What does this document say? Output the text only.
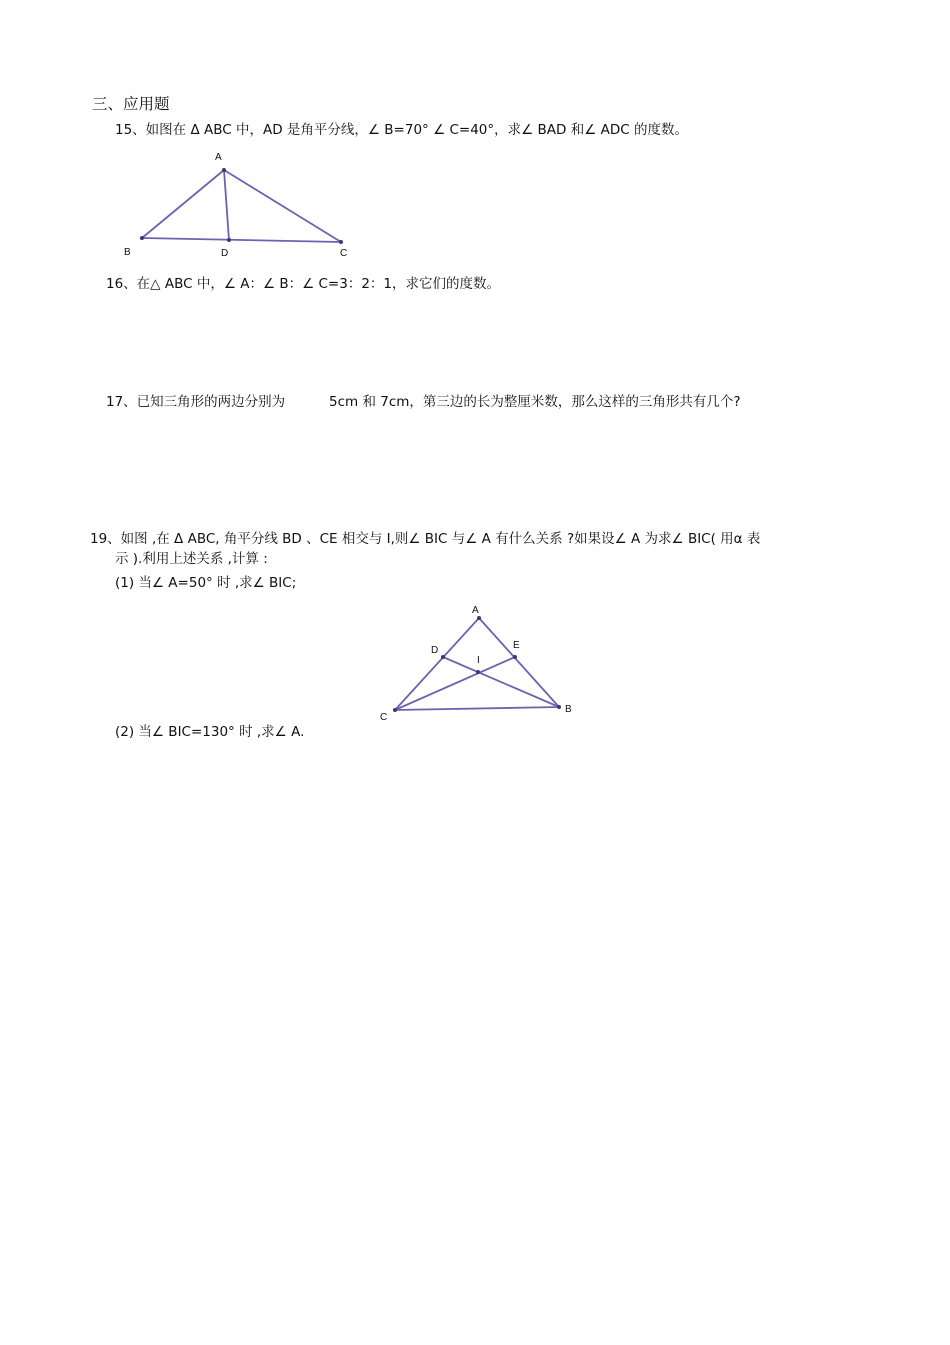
三、应用题
15、如图在 Δ ABC 中，AD 是角平分线，∠ B=70° ∠ C=40°，求∠ BAD 和∠ ADC 的度数。
A
B	D	C
16、在△ ABC 中，∠ A：∠ B：∠ C=3：2：1，求它们的度数。
17、已知三角形的两边分别为	5cm 和 7cm，第三边的长为整厘米数，那么这样的三角形共有几个?
19、如图 ,在 Δ ABC, 角平分线 BD 、CE 相交与 I,则∠ BIC 与∠ A 有什么关系 ?如果设∠ A 为求∠ BIC( 用α 表
示 ).利用上述关系 ,计算 :
(1) 当∠ A=50° 时 ,求∠ BIC;
A
D	E
I
C
B
(2) 当∠ BIC=130° 时 ,求∠ A.
